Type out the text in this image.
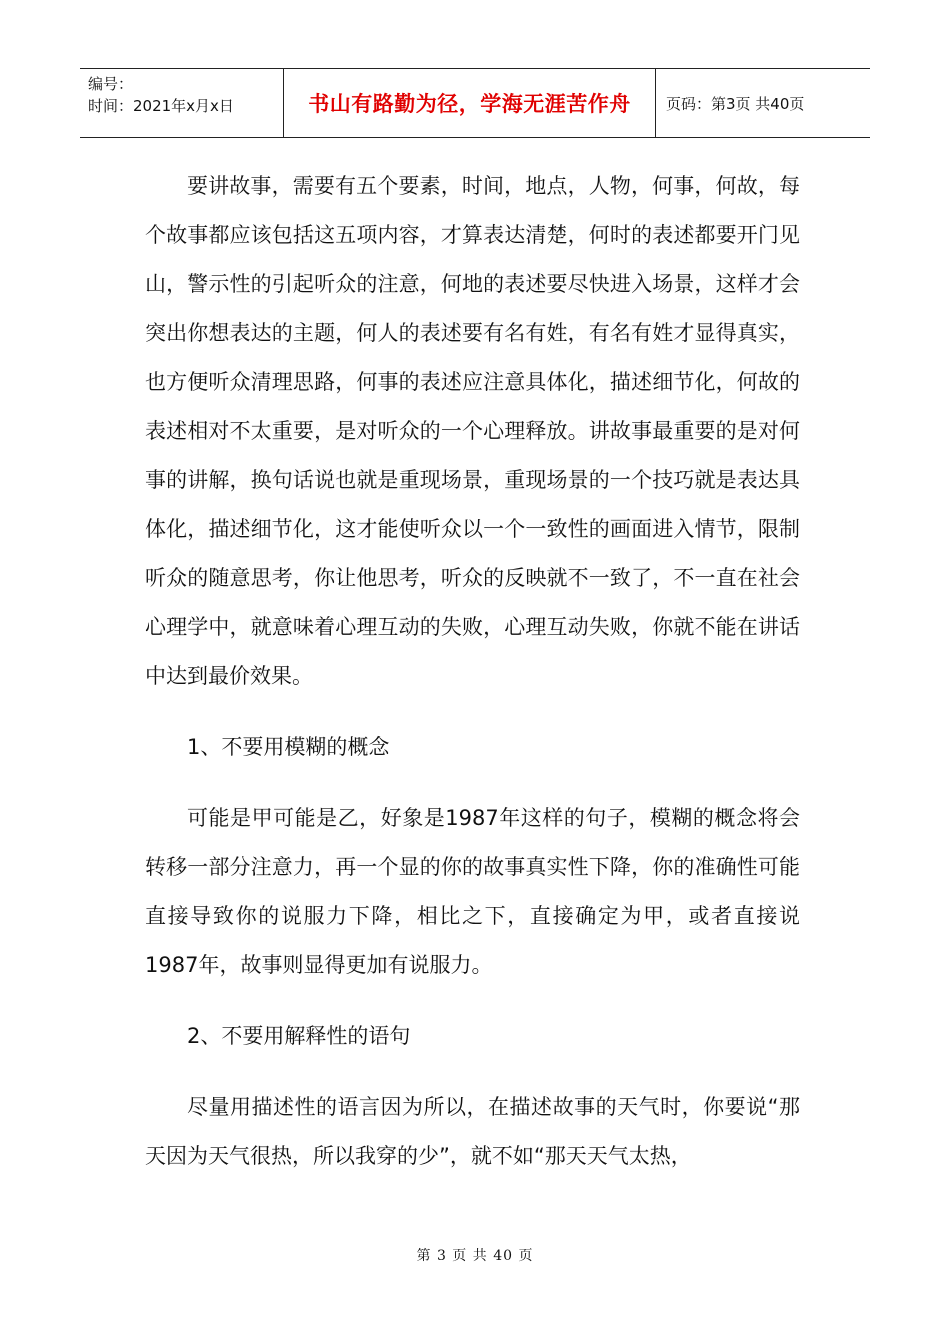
编号：
时间：2021年x月x日	书山有路勤为径，学海无涯苦作舟 页码：第3页 共40页

要讲故事，需要有五个要素，时间，地点，人物，何事，何故，每个故事都应该包括这五项内容，才算表达清楚，何时的表述都要开门见山，警示性的引起听众的注意，何地的表述要尽快进入场景，这样才会突出你想表达的主题，何人的表述要有名有姓，有名有姓才显得真实，也方便听众清理思路，何事的表述应注意具体化，描述细节化，何故的表述相对不太重要，是对听众的一个心理释放。讲故事最重要的是对何事的讲解，换句话说也就是重现场景，重现场景的一个技巧就是表达具体化，描述细节化，这才能使听众以一个一致性的画面进入情节，限制听众的随意思考，你让他思考，听众的反映就不一致了，不一直在社会心理学中，就意味着心理互动的失败，心理互动失败，你就不能在讲话中达到最价效果。

1、不要用模糊的概念

可能是甲可能是乙，好象是1987年这样的句子，模糊的概念将会转移一部分注意力，再一个显的你的故事真实性下降，你的准确性可能直接导致你的说服力下降，相比之下，直接确定为甲，或者直接说1987年，故事则显得更加有说服力。

2、不要用解释性的语句

尽量用描述性的语言因为所以，在描述故事的天气时，你要说“那天因为天气很热，所以我穿的少”，就不如“那天天气太热，

第 3 页 共 40 页
